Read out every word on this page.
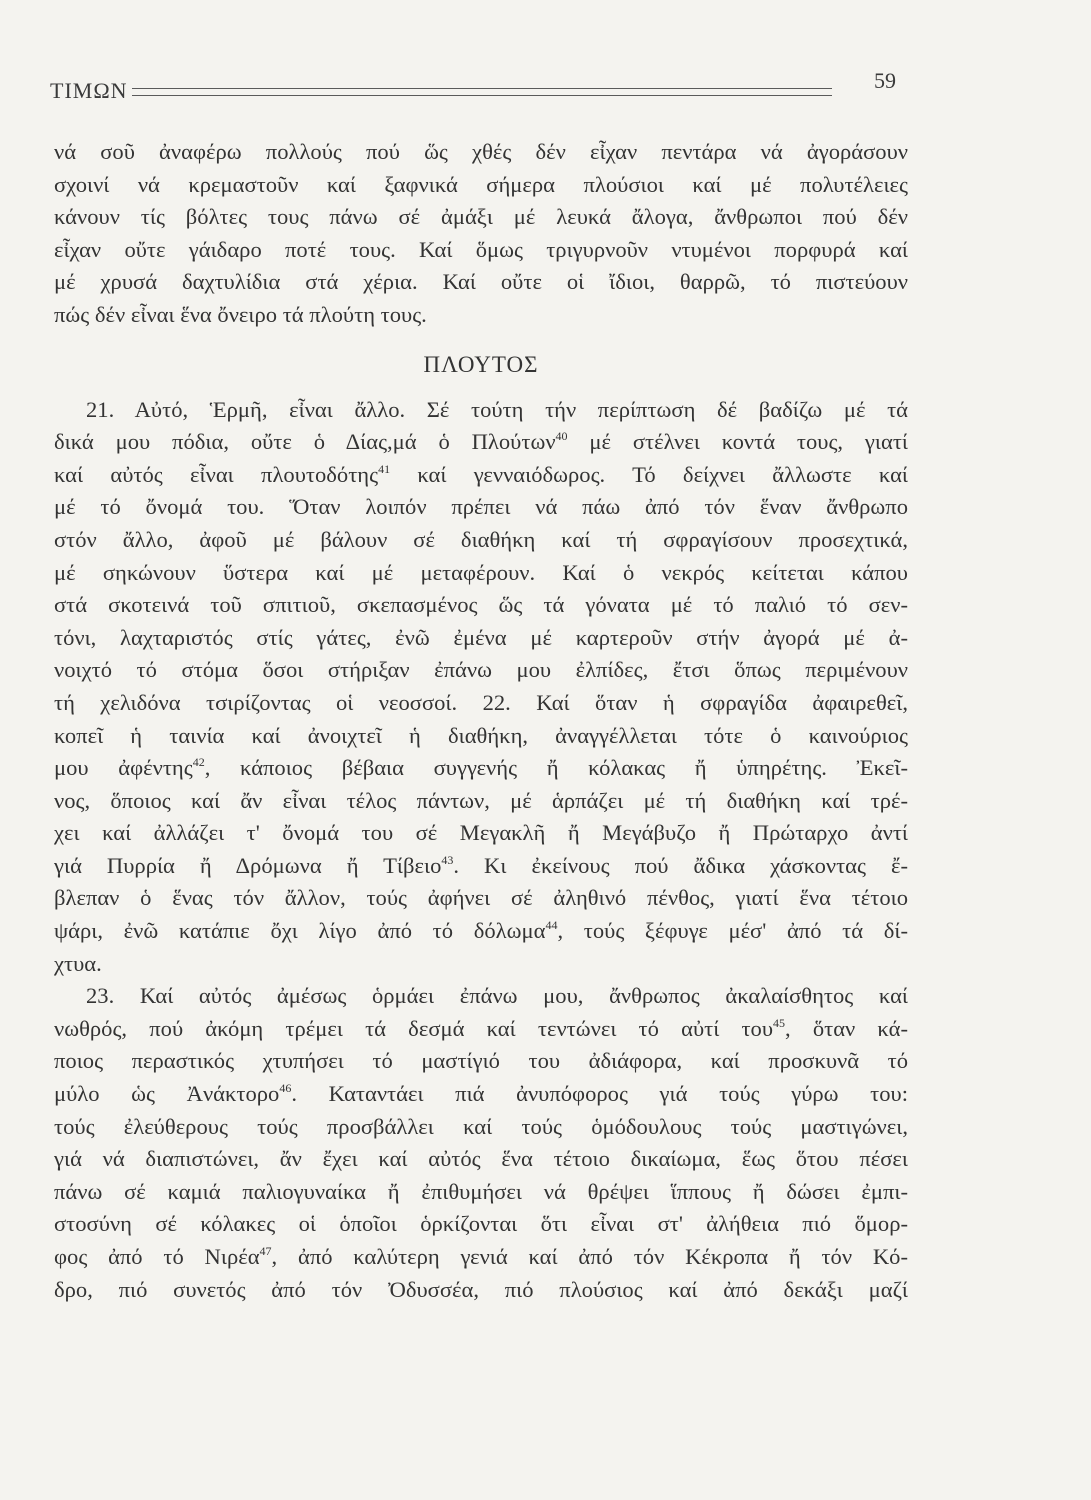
ΤΙΜΩΝ	59
νά σοῦ ἀναφέρω πολλούς πού ὥς χθές δέν εἶχαν πεντάρα νά ἀγοράσουν
σχοινί νά κρεμαστοῦν καί ξαφνικά σήμερα πλούσιοι καί μέ πολυτέλειες
κάνουν τίς βόλτες τους πάνω σέ ἀμάξι μέ λευκά ἄλογα, ἄνθρωποι πού δέν
εἶχαν οὔτε γάιδαρο ποτέ τους. Καί ὅμως τριγυρνοῦν ντυμένοι πορφυρά καί
μέ χρυσά δαχτυλίδια στά χέρια. Καί οὔτε οἱ ἴδιοι, θαρρῶ, τό πιστεύουν
πώς δέν εἶναι ἕνα ὄνειρο τά πλούτη τους.
ΠΛΟΥΤΟΣ
21. Αὐτό, Ἑρμῆ, εἶναι ἄλλο. Σέ τούτη τήν περίπτωση δέ βαδίζω μέ τά
δικά μου πόδια, οὔτε ὁ Δίας,μά ὁ Πλούτων$^{40}$ μέ στέλνει κοντά τους, γιατί
καί αὐτός εἶναι πλουτοδότης$^{41}$ καί γενναιόδωρος. Τό δείχνει ἄλλωστε καί
μέ τό ὄνομά του. Ὅταν λοιπόν πρέπει νά πάω ἀπό τόν ἕναν ἄνθρωπο
στόν ἄλλο, ἀφοῦ μέ βάλουν σέ διαθήκη καί τή σφραγίσουν προσεχτικά,
μέ σηκώνουν ὕστερα καί μέ μεταφέρουν. Καί ὁ νεκρός κείτεται κάπου
στά σκοτεινά τοῦ σπιτιοῦ, σκεπασμένος ὥς τά γόνατα μέ τό παλιό τό σεν-
τόνι, λαχταριστός στίς γάτες, ἐνῶ ἐμένα μέ καρτεροῦν στήν ἀγορά μέ ἀ-
νοιχτό τό στόμα ὅσοι στήριξαν ἐπάνω μου ἐλπίδες, ἔτσι ὅπως περιμένουν
τή χελιδόνα τσιρίζοντας οἱ νεοσσοί. 22. Καί ὅταν ἡ σφραγίδα ἀφαιρεθεῖ,
κοπεῖ ἡ ταινία καί ἀνοιχτεῖ ἡ διαθήκη, ἀναγγέλλεται τότε ὁ καινούριος
μου ἀφέντης$^{42}$, κάποιος βέβαια συγγενής ἤ κόλακας ἤ ὑπηρέτης. Ἐκεῖ-
νος, ὅποιος καί ἄν εἶναι τέλος πάντων, μέ ἁρπάζει μέ τή διαθήκη καί τρέ-
χει καί ἀλλάζει τ' ὄνομά του σέ Μεγακλῆ ἤ Μεγάβυζο ἤ Πρώταρχο ἀντί
γιά Πυρρία ἤ Δρόμωνα ἤ Τίβειο$^{43}$. Κι ἐκείνους πού ἄδικα χάσκοντας ἔ-
βλεπαν ὁ ἕνας τόν ἄλλον, τούς ἀφήνει σέ ἀληθινό πένθος, γιατί ἕνα τέτοιο
ψάρι, ἐνῶ κατάπιε ὄχι λίγο ἀπό τό δόλωμα$^{44}$, τούς ξέφυγε μέσ' ἀπό τά δί-
χτυα.
23. Καί αὐτός ἀμέσως ὁρμάει ἐπάνω μου, ἄνθρωπος ἀκαλαίσθητος καί
νωθρός, πού ἀκόμη τρέμει τά δεσμά καί τεντώνει τό αὐτί του$^{45}$, ὅταν κά-
ποιος περαστικός χτυπήσει τό μαστίγιό του ἀδιάφορα, καί προσκυνᾶ τό
μύλο ὡς Ἀνάκτορο$^{46}$. Καταντάει πιά ἀνυπόφορος γιά τούς γύρω του:
τούς ἐλεύθερους τούς προσβάλλει καί τούς ὁμόδουλους τούς μαστιγώνει,
γιά νά διαπιστώνει, ἄν ἔχει καί αὐτός ἕνα τέτοιο δικαίωμα, ἕως ὅτου πέσει
πάνω σέ καμιά παλιογυναίκα ἤ ἐπιθυμήσει νά θρέψει ἵππους ἤ δώσει ἐμπι-
στοσύνη σέ κόλακες οἱ ὁποῖοι ὁρκίζονται ὅτι εἶναι στ' ἀλήθεια πιό ὅμορ-
φος ἀπό τό Νιρέα$^{47}$, ἀπό καλύτερη γενιά καί ἀπό τόν Κέκροπα ἤ τόν Κό-
δρο, πιό συνετός ἀπό τόν Ὀδυσσέα, πιό πλούσιος καί ἀπό δεκάξι μαζί
